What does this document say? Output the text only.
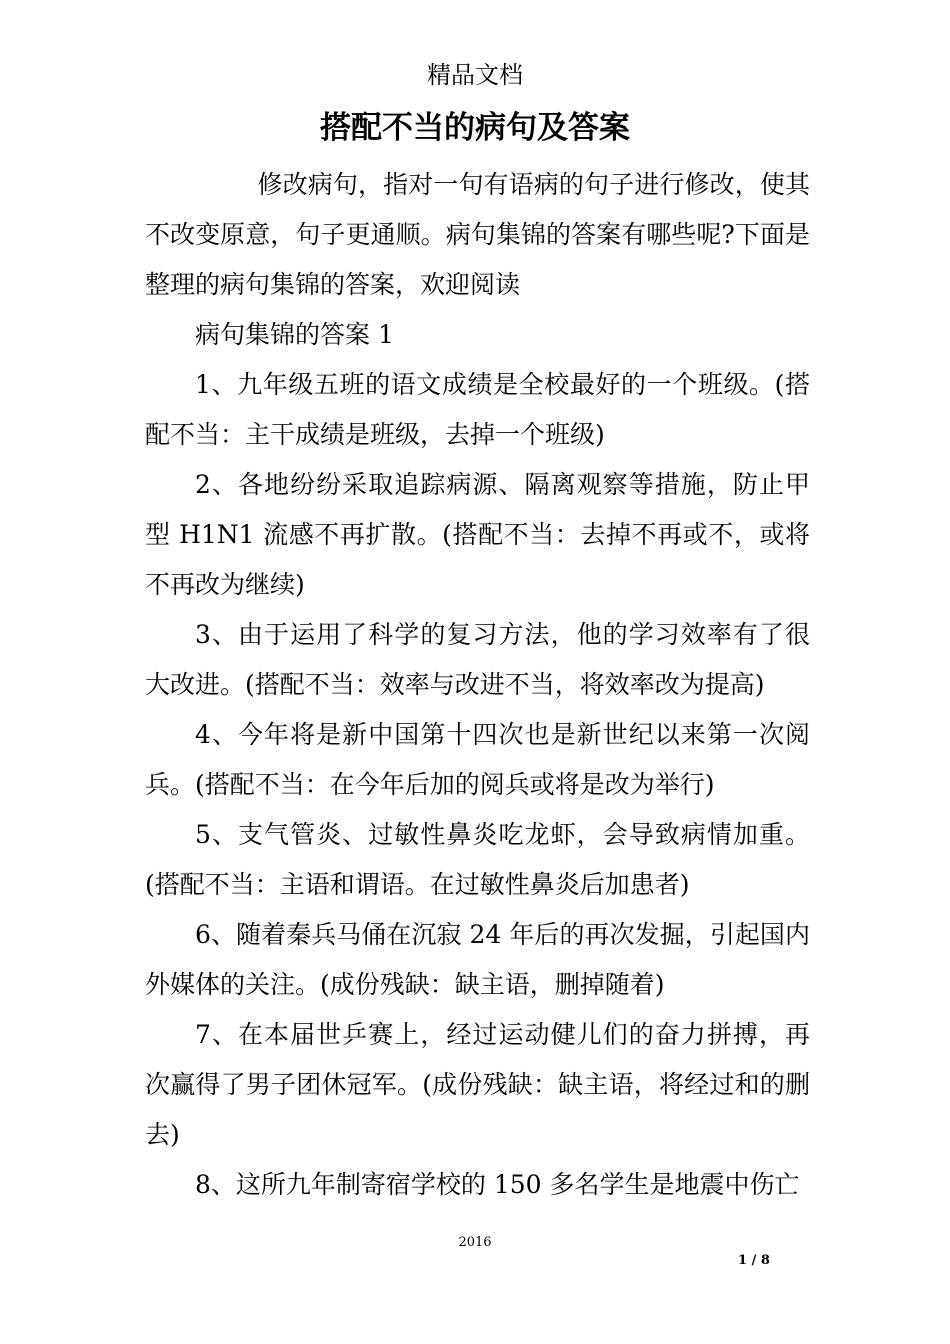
精品文档
搭配不当的病句及答案

修改病句，指对一句有语病的句子进行修改，使其不改变原意，句子更通顺。病句集锦的答案有哪些呢?下面是整理的病句集锦的答案，欢迎阅读

病句集锦的答案 1

1、九年级五班的语文成绩是全校最好的一个班级。(搭配不当：主干成绩是班级，去掉一个班级)

2、各地纷纷采取追踪病源、隔离观察等措施，防止甲型 H1N1 流感不再扩散。(搭配不当：去掉不再或不，或将不再改为继续)

3、由于运用了科学的复习方法，他的学习效率有了很大改进。(搭配不当：效率与改进不当，将效率改为提高)

4、今年将是新中国第十四次也是新世纪以来第一次阅兵。(搭配不当：在今年后加的阅兵或将是改为举行)

5、支气管炎、过敏性鼻炎吃龙虾，会导致病情加重。(搭配不当：主语和谓语。在过敏性鼻炎后加患者)

6、随着秦兵马俑在沉寂 24 年后的再次发掘，引起国内外媒体的关注。(成份残缺：缺主语，删掉随着)

7、在本届世乒赛上，经过运动健儿们的奋力拼搏，再次赢得了男子团休冠军。(成份残缺：缺主语，将经过和的删去)

8、这所九年制寄宿学校的 150 多名学生是地震中伤亡

2016
1 / 8
